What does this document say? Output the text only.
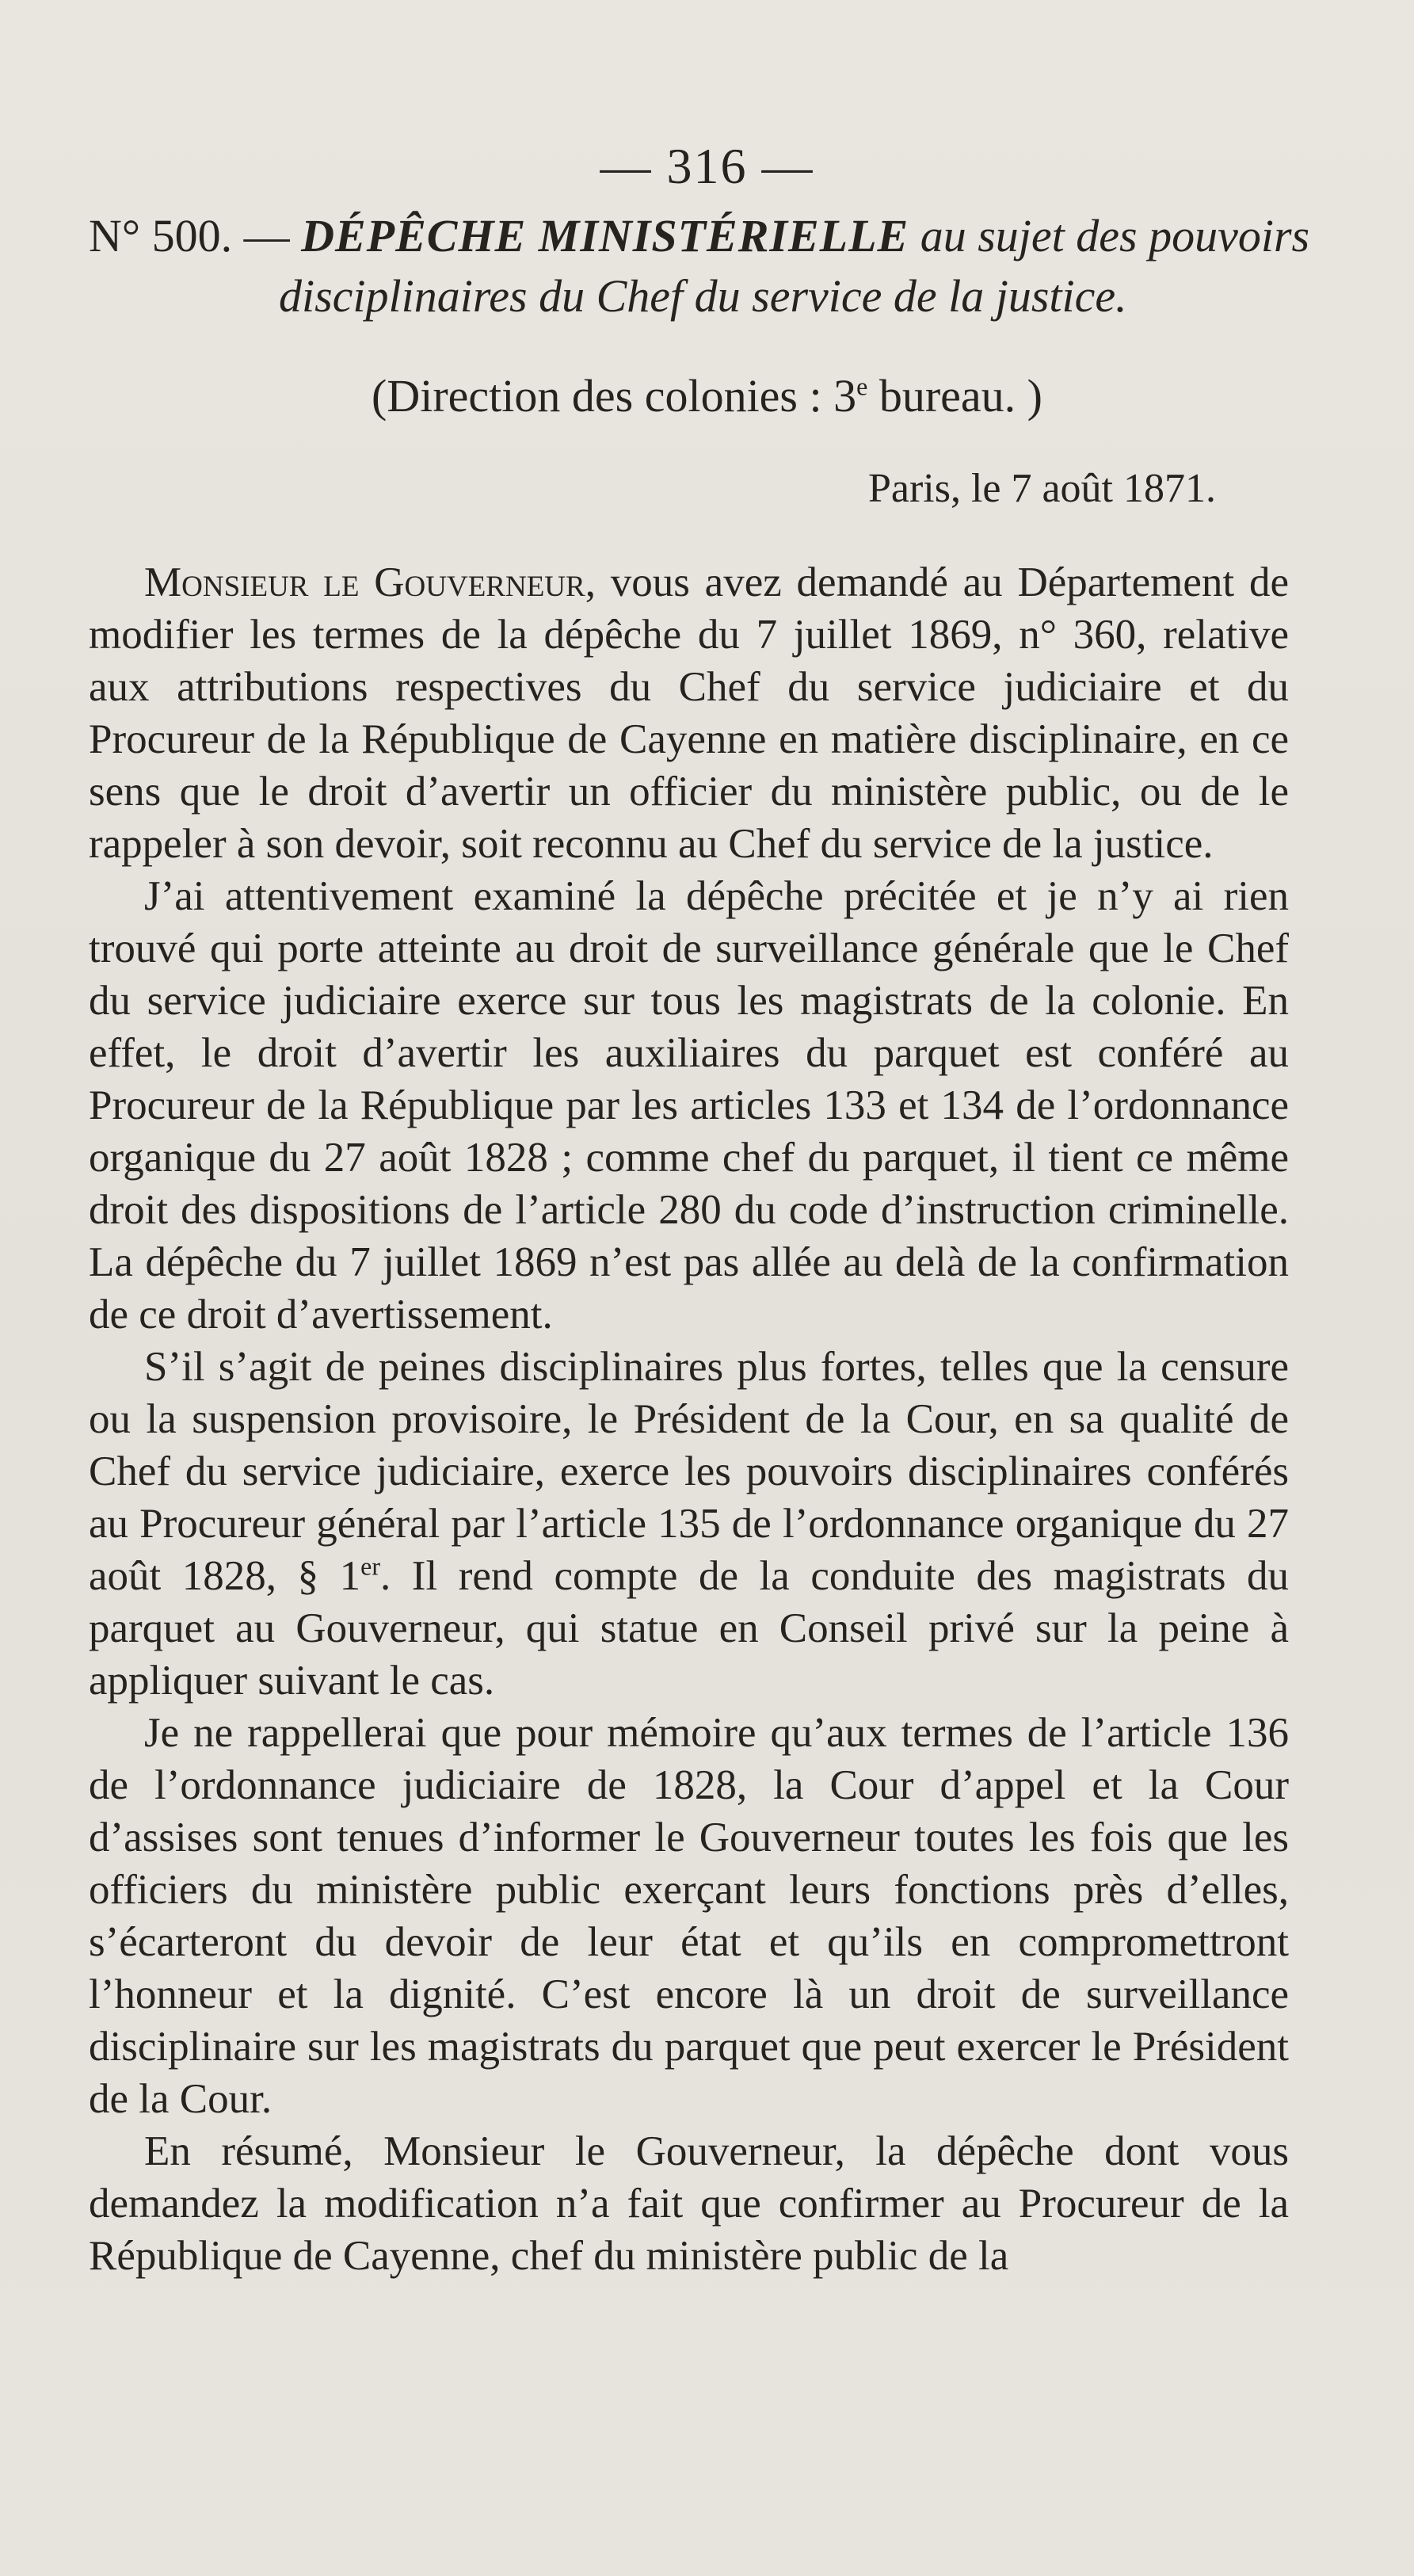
— 316 —
N° 500. — DÉPÊCHE MINISTÉRIELLE au sujet des pouvoirs
disciplinaires du Chef du service de la justice.
(Direction des colonies : 3e bureau. )
Paris, le 7 août 1871.

Monsieur le Gouverneur, vous avez demandé au Département de modifier les termes de la dépêche du 7 juillet 1869, n° 360, relative aux attributions respectives du Chef du service judiciaire et du Procureur de la République de Cayenne en matière disciplinaire, en ce sens que le droit d’avertir un officier du ministère public, ou de le rappeler à son devoir, soit reconnu au Chef du service de la justice.

J’ai attentivement examiné la dépêche précitée et je n’y ai rien trouvé qui porte atteinte au droit de surveillance générale que le Chef du service judiciaire exerce sur tous les magistrats de la colonie. En effet, le droit d’avertir les auxiliaires du parquet est conféré au Procureur de la République par les articles 133 et 134 de l’ordonnance organique du 27 août 1828 ; comme chef du parquet, il tient ce même droit des dispositions de l’article 280 du code d’instruction criminelle. La dépêche du 7 juillet 1869 n’est pas allée au delà de la confirmation de ce droit d’avertissement.

S’il s’agit de peines disciplinaires plus fortes, telles que la censure ou la suspension provisoire, le Président de la Cour, en sa qualité de Chef du service judiciaire, exerce les pouvoirs disciplinaires conférés au Procureur général par l’article 135 de l’ordonnance organique du 27 août 1828, § 1er. Il rend compte de la conduite des magistrats du parquet au Gouverneur, qui statue en Conseil privé sur la peine à appliquer suivant le cas.

Je ne rappellerai que pour mémoire qu’aux termes de l’article 136 de l’ordonnance judiciaire de 1828, la Cour d’appel et la Cour d’assises sont tenues d’informer le Gouverneur toutes les fois que les officiers du ministère public exerçant leurs fonctions près d’elles, s’écarteront du devoir de leur état et qu’ils en compromettront l’honneur et la dignité. C’est encore là un droit de surveillance disciplinaire sur les magistrats du parquet que peut exercer le Président de la Cour.

En résumé, Monsieur le Gouverneur, la dépêche dont vous demandez la modification n’a fait que confirmer au Procureur de la République de Cayenne, chef du ministère public de la
